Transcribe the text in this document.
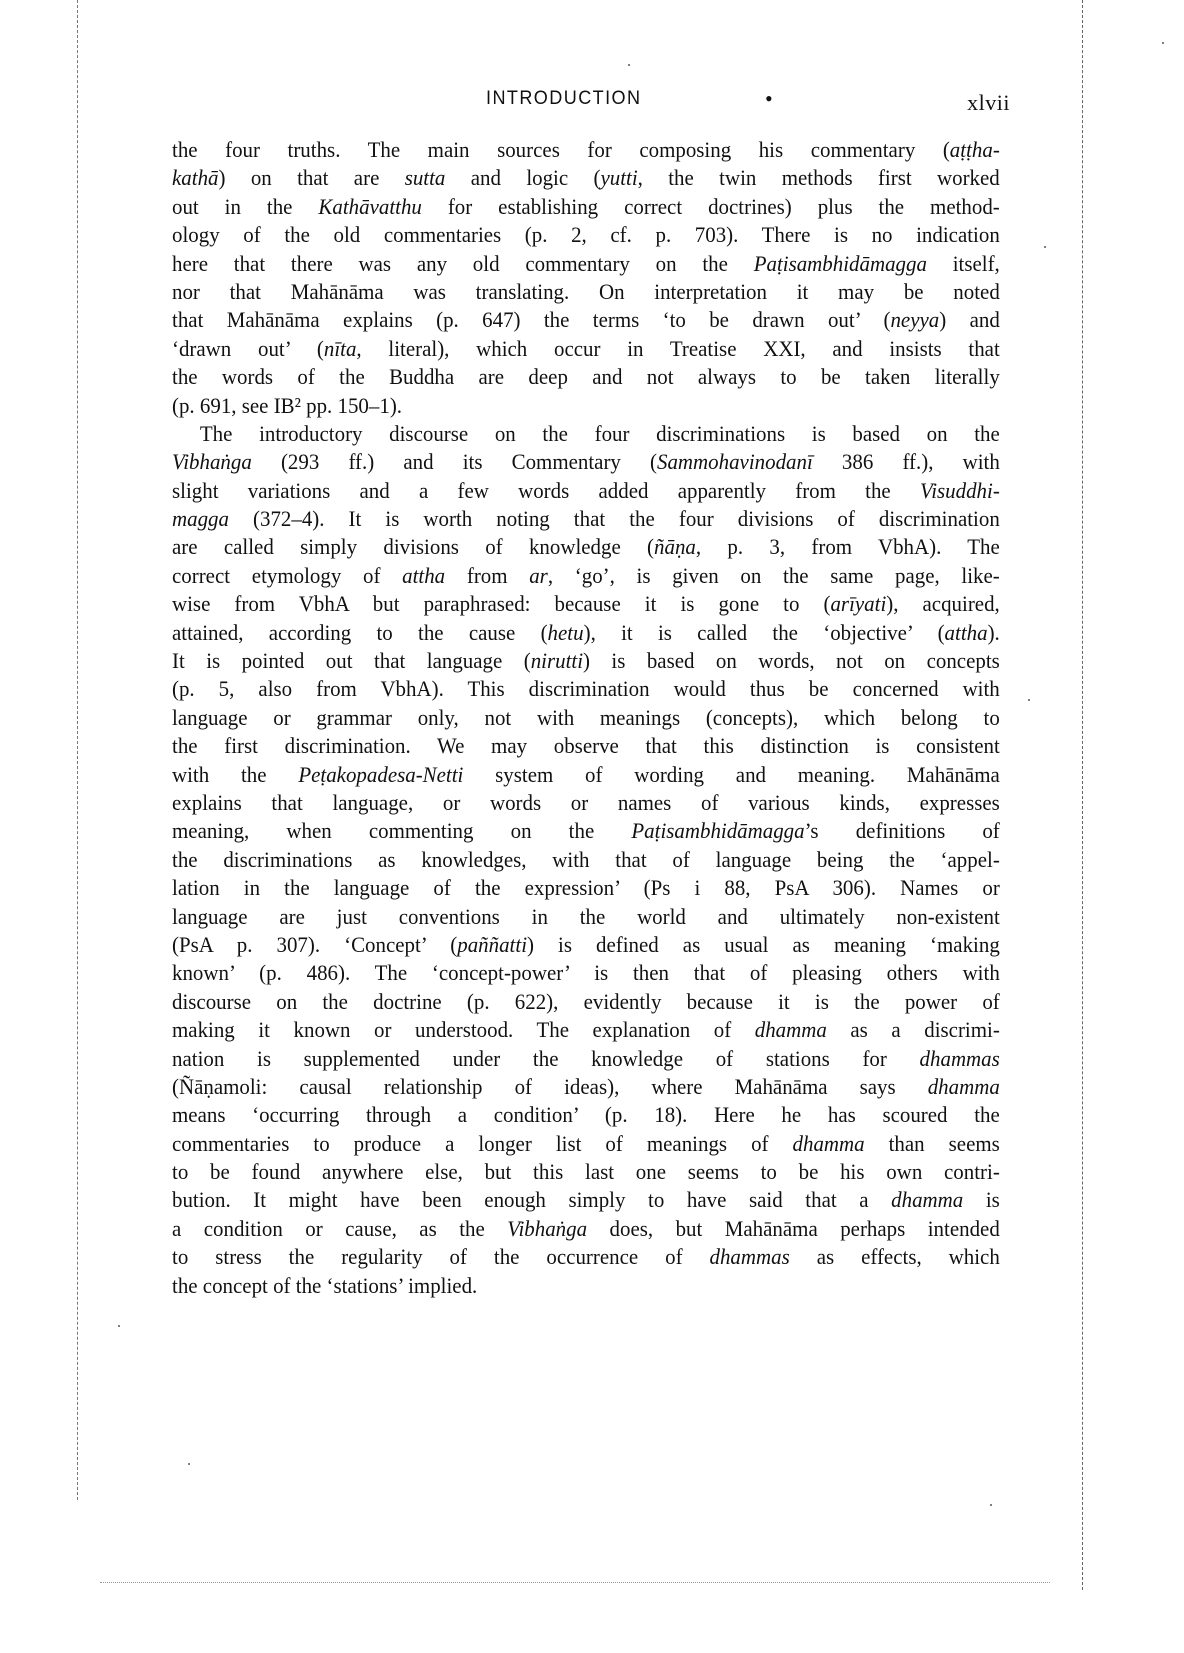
INTRODUCTION	•	xlvii
the four truths. The main sources for composing his commentary (aṭṭha-
kathā) on that are sutta and logic (yutti, the twin methods first worked
out in the Kathāvatthu for establishing correct doctrines) plus the method-
ology of the old commentaries (p. 2, cf. p. 703). There is no indication
here that there was any old commentary on the Paṭisambhidāmagga itself,
nor that Mahānāma was translating. On interpretation it may be noted
that Mahānāma explains (p. 647) the terms ‘to be drawn out’ (neyya) and
‘drawn out’ (nīta, literal), which occur in Treatise XXI, and insists that
the words of the Buddha are deep and not always to be taken literally
(p. 691, see IB² pp. 150–1).
The introductory discourse on the four discriminations is based on the
Vibhaṅga (293 ff.) and its Commentary (Sammohavinodanī 386 ff.), with
slight variations and a few words added apparently from the Visuddhi-
magga (372–4). It is worth noting that the four divisions of discrimination
are called simply divisions of knowledge (ñāṇa, p. 3, from VbhA). The
correct etymology of attha from ar, ‘go’, is given on the same page, like-
wise from VbhA but paraphrased: because it is gone to (arīyati), acquired,
attained, according to the cause (hetu), it is called the ‘objective’ (attha).
It is pointed out that language (nirutti) is based on words, not on concepts
(p. 5, also from VbhA). This discrimination would thus be concerned with
language or grammar only, not with meanings (concepts), which belong to
the first discrimination. We may observe that this distinction is consistent
with the Peṭakopadesa-Netti system of wording and meaning. Mahānāma
explains that language, or words or names of various kinds, expresses
meaning, when commenting on the Paṭisambhidāmagga’s definitions of
the discriminations as knowledges, with that of language being the ‘appel-
lation in the language of the expression’ (Ps i 88, PsA 306). Names or
language are just conventions in the world and ultimately non-existent
(PsA p. 307). ‘Concept’ (paññatti) is defined as usual as meaning ‘making
known’ (p. 486). The ‘concept-power’ is then that of pleasing others with
discourse on the doctrine (p. 622), evidently because it is the power of
making it known or understood. The explanation of dhamma as a discrimi-
nation is supplemented under the knowledge of stations for dhammas
(Ñāṇamoli: causal relationship of ideas), where Mahānāma says dhamma
means ‘occurring through a condition’ (p. 18). Here he has scoured the
commentaries to produce a longer list of meanings of dhamma than seems
to be found anywhere else, but this last one seems to be his own contri-
bution. It might have been enough simply to have said that a dhamma is
a condition or cause, as the Vibhaṅga does, but Mahānāma perhaps intended
to stress the regularity of the occurrence of dhammas as effects, which
the concept of the ‘stations’ implied.
